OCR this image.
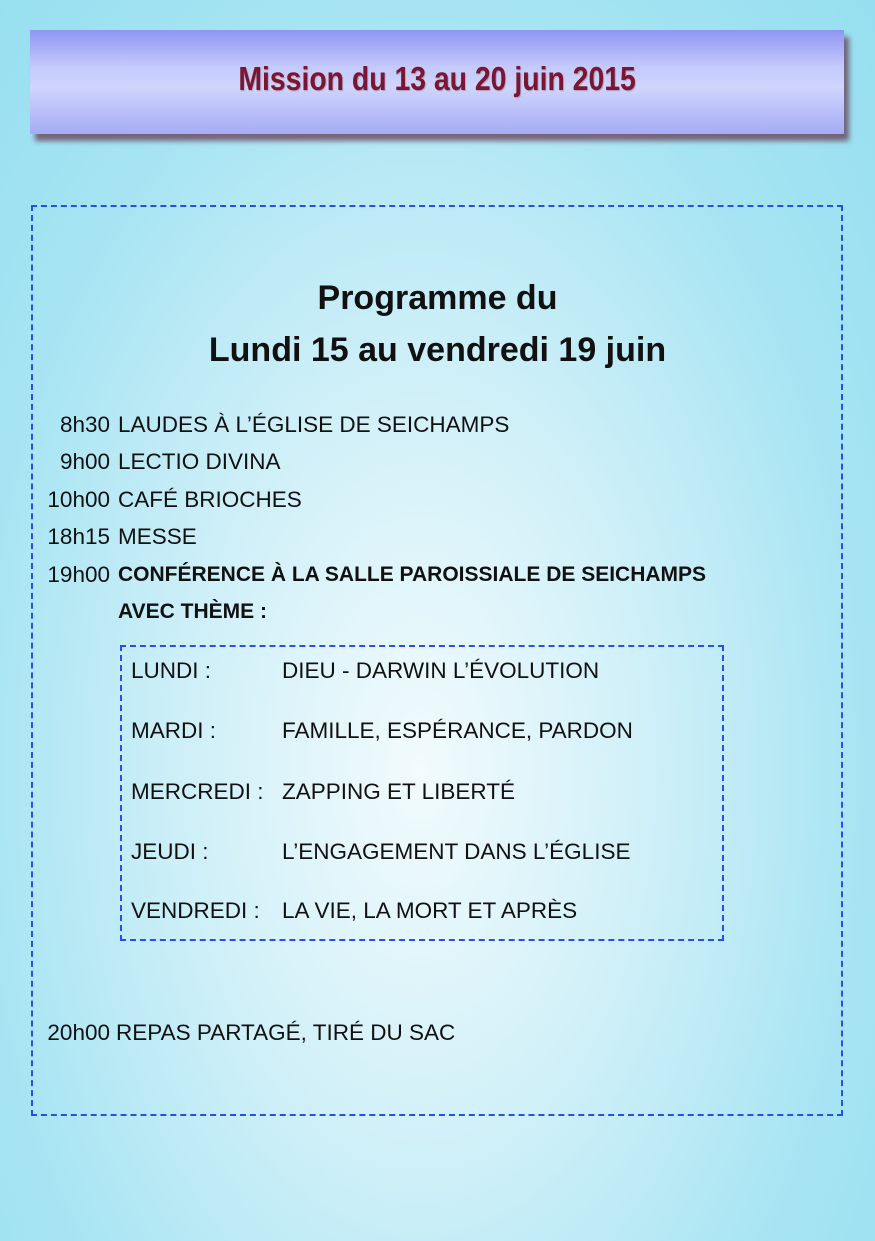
Mission du 13 au 20 juin 2015
Programme du
Lundi 15 au vendredi 19 juin
8h30 LAUDES À L’ÉGLISE DE SEICHAMPS
9h00 LECTIO DIVINA
10h00 CAFÉ BRIOCHES
18h15 MESSE
19h00 CONFÉRENCE À LA SALLE PAROISSIALE DE SEICHAMPS
AVEC THÈME :
LUNDI :	DIEU - DARWIN L’ÉVOLUTION
MARDI :	FAMILLE, ESPÉRANCE, PARDON
MERCREDI : ZAPPING ET LIBERTÉ
JEUDI :	L’ENGAGEMENT DANS L’ÉGLISE
VENDREDI : LA VIE, LA MORT ET APRÈS
20h00 REPAS PARTAGÉ, TIRÉ DU SAC
